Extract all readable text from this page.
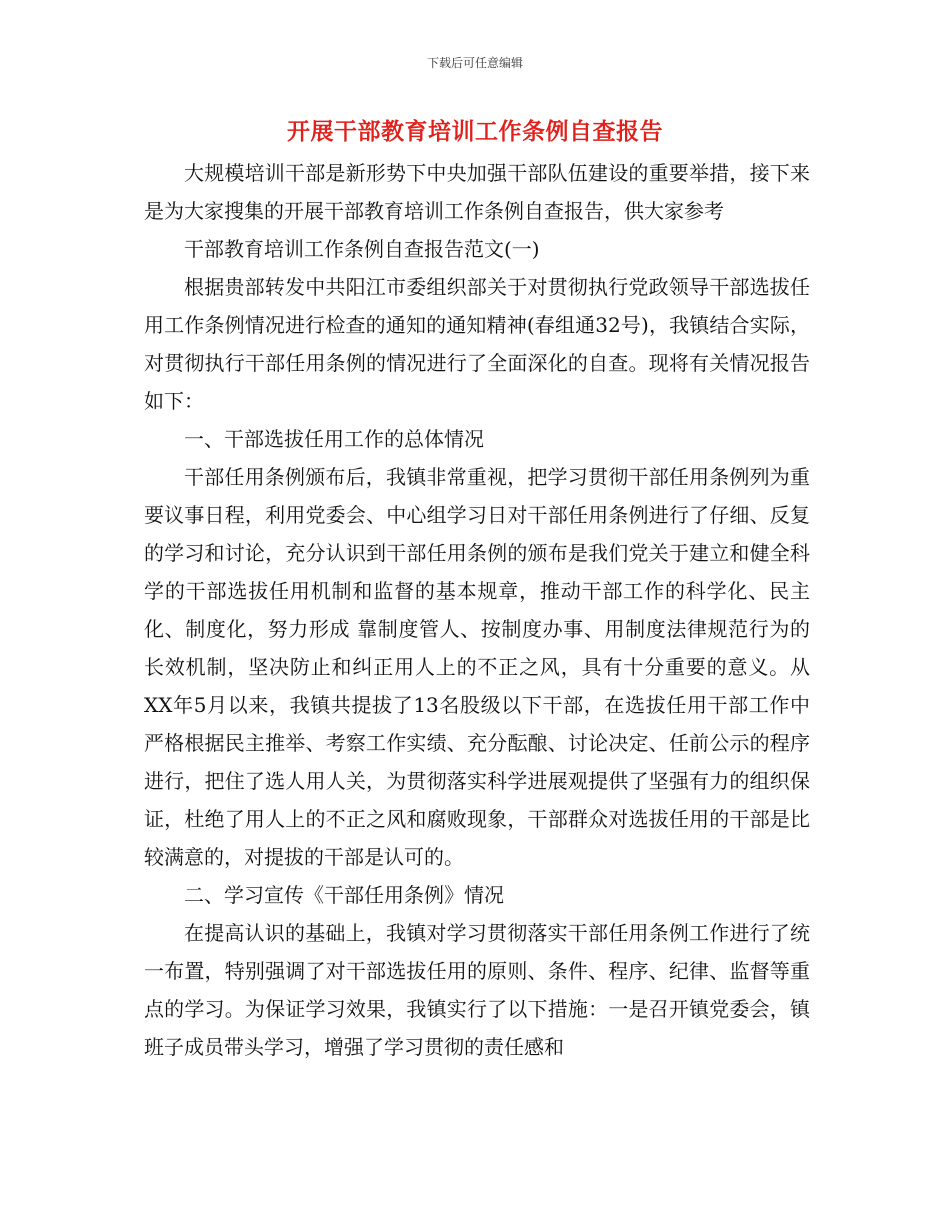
下载后可任意编辑
开展干部教育培训工作条例自查报告

大规模培训干部是新形势下中央加强干部队伍建设的重要举措，接下来是为大家搜集的开展干部教育培训工作条例自查报告，供大家参考

干部教育培训工作条例自查报告范文(一)

根据贵部转发中共阳江市委组织部关于对贯彻执行党政领导干部选拔任用工作条例情况进行检查的通知的通知精神(春组通32号)，我镇结合实际，对贯彻执行干部任用条例的情况进行了全面深化的自查。现将有关情况报告如下：

一、干部选拔任用工作的总体情况

干部任用条例颁布后，我镇非常重视，把学习贯彻干部任用条例列为重要议事日程，利用党委会、中心组学习日对干部任用条例进行了仔细、反复的学习和讨论，充分认识到干部任用条例的颁布是我们党关于建立和健全科学的干部选拔任用机制和监督的基本规章，推动干部工作的科学化、民主化、制度化，努力形成 靠制度管人、按制度办事、用制度法律规范行为的长效机制，坚决防止和纠正用人上的不正之风，具有十分重要的意义。从XX年5月以来，我镇共提拔了13名股级以下干部，在选拔任用干部工作中严格根据民主推举、考察工作实绩、充分酝酿、讨论决定、任前公示的程序进行，把住了选人用人关，为贯彻落实科学进展观提供了坚强有力的组织保证，杜绝了用人上的不正之风和腐败现象，干部群众对选拔任用的干部是比较满意的，对提拔的干部是认可的。

二、学习宣传《干部任用条例》情况

在提高认识的基础上，我镇对学习贯彻落实干部任用条例工作进行了统一布置，特别强调了对干部选拔任用的原则、条件、程序、纪律、监督等重点的学习。为保证学习效果，我镇实行了以下措施：一是召开镇党委会，镇班子成员带头学习，增强了学习贯彻的责任感和
